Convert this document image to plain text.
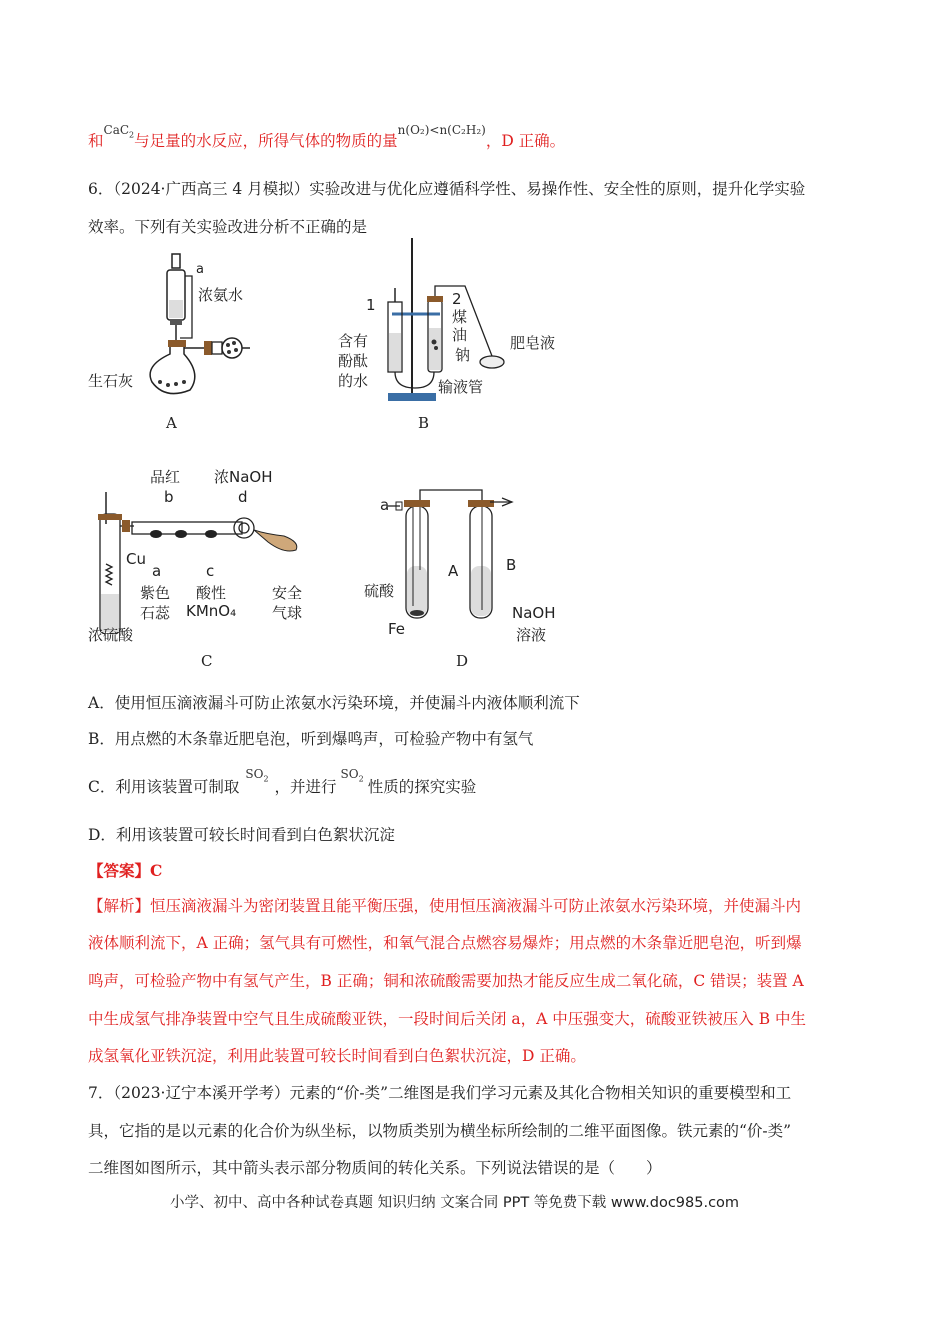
和$^{CaC_2}$与足量的水反应，所得气体的物质的量$^{n(O_2)<n(C_2H_2)}$，D 正确。
6．（2024·广西高三 4 月模拟）实验改进与优化应遵循科学性、易操作性、安全性的原则，提升化学实验
效率。下列有关实验改进分析不正确的是
a
浓氨水
生石灰
A
1	2
煤
油
钠
含有
酚酞
的水	输液管
肥皂液
B
品红
b
浓NaOH
d
Cu
a
紫色
石蕊
c
酸性
KMnO₄
安全
气球
浓硫酸
C
a
A	B
硫酸
Fe
NaOH
溶液
D
A．使用恒压滴液漏斗可防止浓氨水污染环境，并使漏斗内液体顺利流下
B．用点燃的木条靠近肥皂泡，听到爆鸣声，可检验产物中有氢气
C．利用该装置可制取$^{SO_2}$ ，并进行$^{SO_2}$ 性质的探究实验
D．利用该装置可较长时间看到白色絮状沉淀
【答案】C
【解析】恒压滴液漏斗为密闭装置且能平衡压强，使用恒压滴液漏斗可防止浓氨水污染环境，并使漏斗内
液体顺利流下，A 正确；氢气具有可燃性，和氧气混合点燃容易爆炸；用点燃的木条靠近肥皂泡，听到爆
鸣声，可检验产物中有氢气产生，B 正确；铜和浓硫酸需要加热才能反应生成二氧化硫，C 错误；装置 A
中生成氢气排净装置中空气且生成硫酸亚铁，一段时间后关闭 a，A 中压强变大，硫酸亚铁被压入 B 中生
成氢氧化亚铁沉淀，利用此装置可较长时间看到白色絮状沉淀，D 正确。
7．（2023·辽宁本溪开学考）元素的“价-类”二维图是我们学习元素及其化合物相关知识的重要模型和工
具，它指的是以元素的化合价为纵坐标，以物质类别为横坐标所绘制的二维平面图像。铁元素的“价-类”
二维图如图所示，其中箭头表示部分物质间的转化关系。下列说法错误的是（　　）
小学、初中、高中各种试卷真题 知识归纳 文案合同 PPT 等免费下载 www.doc985.com
